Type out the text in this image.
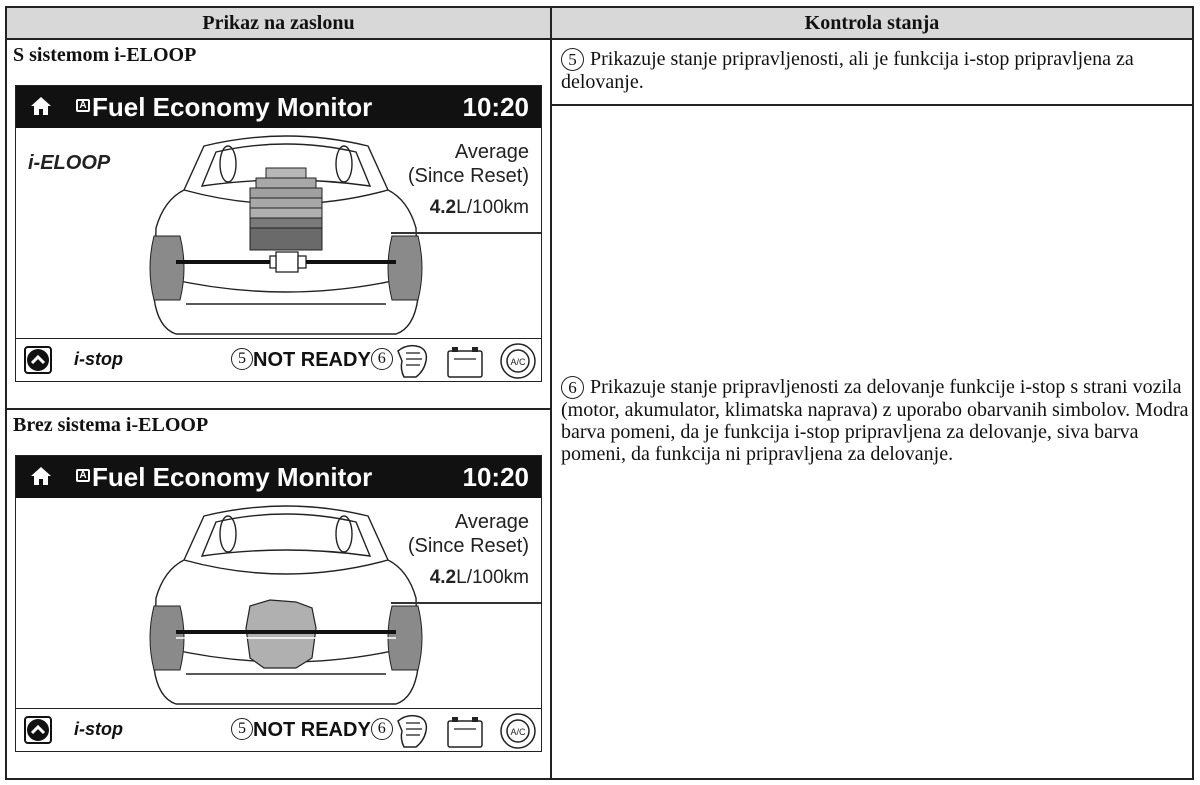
Prikaz na zaslonu	Kontrola stanja
S sistemom i-ELOOP
A Fuel Economy Monitor	10:20
i-ELOOP	Average
(Since Reset)
4.2L/100km
i-stop	5 NOT READY 6	A/C
Brez sistema i-ELOOP
A Fuel Economy Monitor	10:20
Average
(Since Reset)
4.2L/100km
i-stop	5 NOT READY 6	A/C
5 Prikazuje stanje pripravljenosti, ali je funkcija i-stop pripravljena za delovanje.
6 Prikazuje stanje pripravljenosti za delovanje funkcije i-stop s strani vozila (motor, akumulator, klimatska naprava) z uporabo obarvanih simbolov. Modra barva pomeni, da je funkcija i-stop pripravljena za delovanje, siva barva pomeni, da funkcija ni pripravljena za delovanje.
